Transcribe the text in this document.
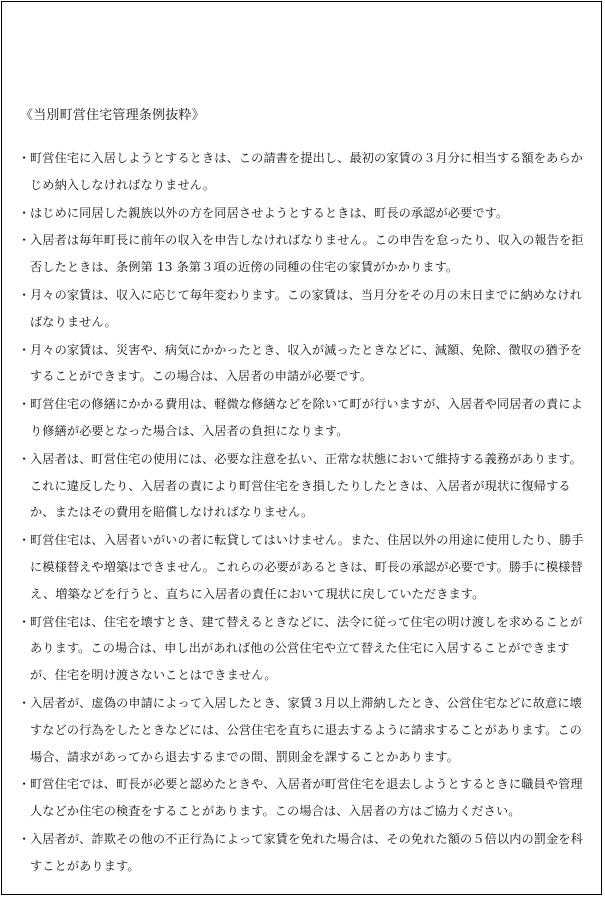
《当別町営住宅管理条例抜粋》
・ 町営住宅に入居しようとするときは、この請書を提出し、最初の家賃の３月分に相当する額をあらかじめ納入しなければなりません。
・ はじめに同居した親族以外の方を同居させようとするときは、町長の承認が必要です。
・ 入居者は毎年町長に前年の収入を申告しなければなりません。この申告を怠ったり、収入の報告を拒否したときは、条例第 13 条第３項の近傍の同種の住宅の家賃がかかります。
・ 月々の家賃は、収入に応じて毎年変わります。この家賃は、当月分をその月の末日までに納めなければなりません。
・ 月々の家賃は、災害や、病気にかかったとき、収入が減ったときなどに、減額、免除、徴収の猶予をすることができます。この場合は、入居者の申請が必要です。
・ 町営住宅の修繕にかかる費用は、軽微な修繕などを除いて町が行いますが、入居者や同居者の責により修繕が必要となった場合は、入居者の負担になります。
・ 入居者は、町営住宅の使用には、必要な注意を払い、正常な状態において維持する義務があります。これに違反したり、入居者の責により町営住宅をき損したりしたときは、入居者が現状に復帰するか、またはその費用を賠償しなければなりません。
・ 町営住宅は、入居者いがいの者に転貸してはいけません。また、住居以外の用途に使用したり、勝手に模様替えや増築はできません。これらの必要があるときは、町長の承認が必要です。勝手に模様替え、増築などを行うと、直ちに入居者の責任において現状に戻していただきます。
・ 町営住宅は、住宅を壊すとき、建て替えるときなどに、法令に従って住宅の明け渡しを求めることがあります。この場合は、申し出があれば他の公営住宅や立て替えた住宅に入居することができますが、住宅を明け渡さないことはできません。
・ 入居者が、虚偽の申請によって入居したとき、家賃３月以上滞納したとき、公営住宅などに故意に壊すなどの行為をしたときなどには、公営住宅を直ちに退去するように請求することがあります。この場合、請求があってから退去するまでの間、罰則金を課することかあります。
・ 町営住宅では、町長が必要と認めたときや、入居者が町営住宅を退去しようとするときに職員や管理人などか住宅の検査をすることがあります。この場合は、入居者の方はご協力ください。
・ 入居者が、詐欺その他の不正行為によって家賃を免れた場合は、その免れた額の５倍以内の罰金を科すことがあります。
